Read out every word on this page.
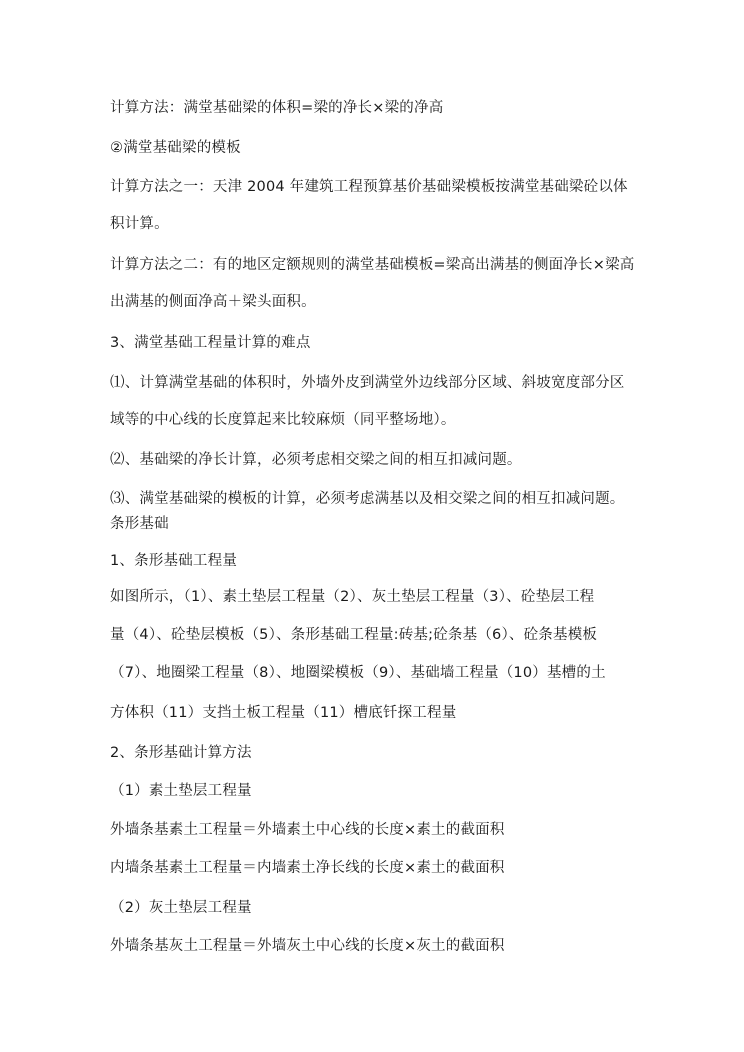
计算方法：满堂基础梁的体积=梁的净长×梁的净高
②满堂基础梁的模板
计算方法之一：天津 2004 年建筑工程预算基价基础梁模板按满堂基础梁砼以体
积计算。
计算方法之二：有的地区定额规则的满堂基础模板=梁高出满基的侧面净长×梁高
出满基的侧面净高＋梁头面积。
3、满堂基础工程量计算的难点
⑴、计算满堂基础的体积时，外墙外皮到满堂外边线部分区域、斜坡宽度部分区
域等的中心线的长度算起来比较麻烦（同平整场地）。
⑵、基础梁的净长计算，必须考虑相交梁之间的相互扣减问题。
⑶、满堂基础梁的模板的计算，必须考虑满基以及相交梁之间的相互扣减问题。
条形基础
1、条形基础工程量
如图所示，（1）、素土垫层工程量（2）、灰土垫层工程量（3）、砼垫层工程
量（4）、砼垫层模板（5）、条形基础工程量:砖基;砼条基（6）、砼条基模板
（7）、地圈梁工程量（8）、地圈梁模板（9）、基础墙工程量（10）基槽的土
方体积（11）支挡土板工程量（11）槽底钎探工程量
2、条形基础计算方法
（1）素土垫层工程量
外墙条基素土工程量＝外墙素土中心线的长度×素土的截面积
内墙条基素土工程量＝内墙素土净长线的长度×素土的截面积
（2）灰土垫层工程量
外墙条基灰土工程量＝外墙灰土中心线的长度×灰土的截面积
